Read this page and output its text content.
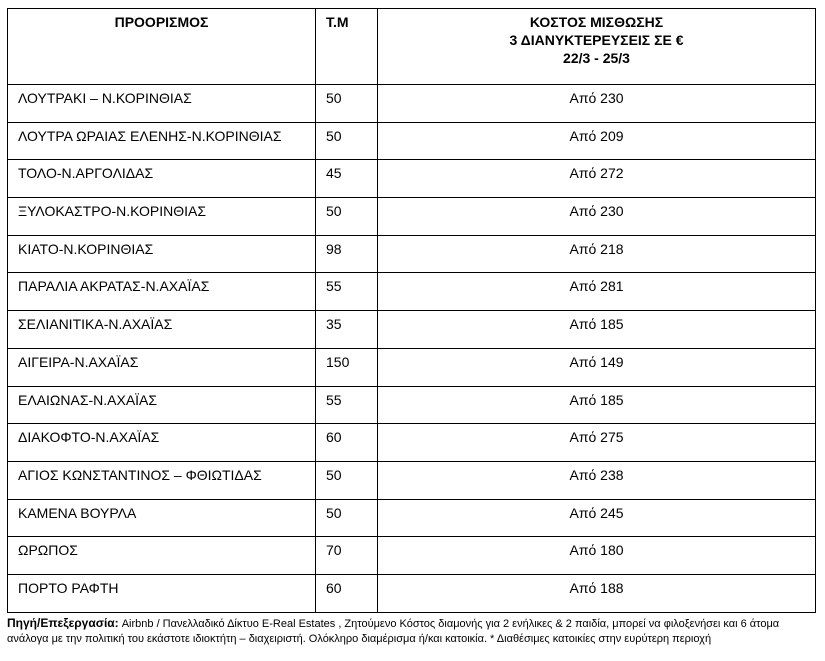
ΠΡΟΟΡΙΣΜΟΣ	Τ.Μ	ΚΟΣΤΟΣ ΜΙΣΘΩΣΗΣ
3 ΔΙΑΝΥΚΤΕΡΕΥΣΕΙΣ ΣΕ €
22/3 - 25/3

ΛΟΥΤΡΑΚΙ – Ν.ΚΟΡΙΝΘΙΑΣ	50	Από 230
ΛΟΥΤΡΑ ΩΡΑΙΑΣ ΕΛΕΝΗΣ-Ν.ΚΟΡΙΝΘΙΑΣ	50	Από 209
ΤΟΛΟ-Ν.ΑΡΓΟΛΙΔΑΣ	45	Από 272
ΞΥΛΟΚΑΣΤΡΟ-Ν.ΚΟΡΙΝΘΙΑΣ	50	Από 230
ΚΙΑΤΟ-Ν.ΚΟΡΙΝΘΙΑΣ	98	Από 218
ΠΑΡΑΛΙΑ ΑΚΡΑΤΑΣ-Ν.ΑΧΑΪΑΣ	55	Από 281
ΣΕΛΙΑΝΙΤΙΚΑ-Ν.ΑΧΑΪΑΣ	35	Από 185
ΑΙΓΕΙΡΑ-Ν.ΑΧΑΪΑΣ	150	Από 149
ΕΛΑΙΩΝΑΣ-Ν.ΑΧΑΪΑΣ	55	Από 185
ΔΙΑΚΟΦΤΟ-Ν.ΑΧΑΪΑΣ	60	Από 275
ΑΓΙΟΣ ΚΩΝΣΤΑΝΤΙΝΟΣ – ΦΘΙΩΤΙΔΑΣ	50	Από 238
ΚΑΜΕΝΑ ΒΟΥΡΛΑ	50	Από 245
ΩΡΩΠΟΣ	70	Από 180
ΠΟΡΤΟ ΡΑΦΤΗ	60	Από 188
Πηγή/Επεξεργασία: Airbnb / Πανελλαδικό Δίκτυο E-Real Estates , Ζητούμενο Κόστος διαμονής για 2 ενήλικες & 2 παιδία, μπορεί να φιλοξενήσει και 6 άτομα ανάλογα με την πολιτική του εκάστοτε ιδιοκτήτη – διαχειριστή. Ολόκληρο διαμέρισμα ή/και κατοικία. * Διαθέσιμες κατοικίες στην ευρύτερη περιοχή
